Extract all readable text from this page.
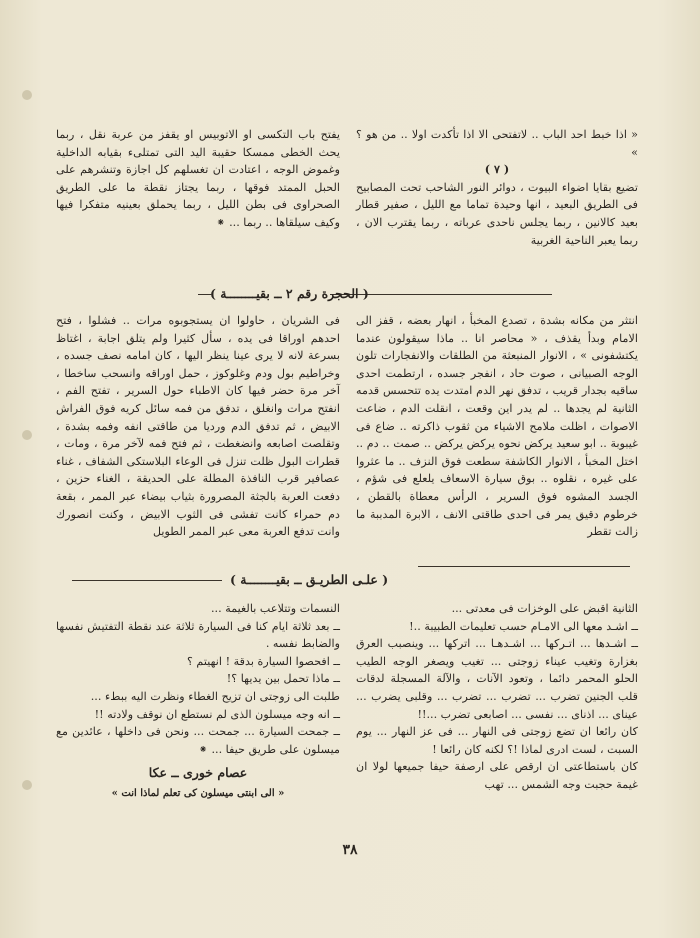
« اذا خبط احد الباب .. لاتفتحى الا اذا تأكدت اولا .. من هو ؟ »

( ٧ )

تضيع بقايا اضواء البيوت ، دوائر النور الشاحب تحت المصابيح فى الطريق البعيد ، انها وحيدة تماما مع الليل ، صفير قطار بعيد كالانين ، ربما يجلس ناحدى عرباته ، ربما يقترب الان ، ربما يعبر الناحية الغربية

يفتح باب التكسى او الاتوبيس او يقفز من عربة نقل ، ربما يحث الخطى ممسكا حقيبة اليد التى تمتلىء بقيابه الداخلية وغموض الوجه ، اعتادت ان تغسلهم كل اجازة وتنشرهم على الحبل الممتد فوقها ، ربما يجتاز نقطة ما على الطريق الصحراوى فى بطن الليل ، ربما يحملق بعينيه متفكرا فيها وكيف سيلقاها .. ربما ... ⁕

( الحجرة رقم ٢ ــ بقيــــــــة )

انتثر من مكانه بشدة ، تصدع المخبأ ، انهار بعضه ، قفز الى الامام وبدأ يقذف ، « محاصر انا .. ماذا سيقولون عندما يكتشفونى » ، الانوار المنبعثة من الطلقات والانفجارات تلون الوجه الصبيانى ، صوت حاد ، انفجر جسده ، ارتطمت احدى ساقيه بجدار قريب ، تدفق نهر الدم امتدت يده تتحسس قدمه الثانية لم يجدها .. لم يدر اين وقعت ، انقلت الدم ، ضاعت الاصوات ، اظلت ملامح الاشياء من ثقوب ذاكرته .. ضاع فى غيبوبة .. ابو سعيد يركض نحوه يركض يركض .. صمت .. دم .. اختل المخبأ ، الانوار الكاشفة سطعت فوق النزف .. ما عثروا على غيره ، نقلوه .. بوق سيارة الاسعاف يلعلع فى شؤم ، الجسد المشوه فوق السرير ، الرأس معطاة بالقطن ، خرطوم دقيق يمر فى احدى طاقتى الانف ، الابرة المدببة ما زالت تقطر

فى الشريان ، حاولوا ان يستجوبوه مرات .. فشلوا ، فتح احدهم اوراقا فى يده ، سأل كثيرا ولم يتلق اجابة ، اغتاظ بسرعة لانه لا يرى عينا ينظر اليها ، كان امامه نصف جسده ، وخراطيم بول ودم وغلوكوز ، حمل اوراقه وانسحب ساخطا ، آخر مرة حضر فيها كان الاطباء حول السرير ، تفتح الفم ، انفتح مرات وانغلق ، تدفق من فمه سائل كريه فوق الفراش الابيض ، ثم تدفق الدم ورديا من طاقتى انفه وفمه بشدة ، وتقلصت اصابعه وانضغطت ، ثم فتح فمه لآخر مرة ، ومات ، قطرات البول ظلت تنزل فى الوعاء البلاستكى الشفاف ، غناء عصافير قرب النافذة المطلة على الحديقة ، الغناء حزين ، دفعت العربة بالجثة المصرورة بثياب بيضاء عبر الممر ، بقعة دم حمراء كانت تفشى فى الثوب الابيض ، وكنت انصورك وانت تدفع العربة معى عبر الممر الطويل

( علـى الطريـق ــ بقيــــــــة )

الثانية اقبض على الوخزات فى معدتى ...

ــ اشـد معها الى الامـام حسب تعليمات الطبيبة ..!

ــ اشـدها ... اتـركها ... اشـدهـا ... اتركها ... وينصبب العرق بغزارة وتغيب عيناء زوجتى ... تغيب ويصغر الوجه الطيب الحلو المحمر دائما ، وتعود الآنات ، والآلة المسجلة لدقات قلب الجنين تضرب ... تضرب ... تضرب ... وقلبى يضرب ... عيناى ... اذناى ... نفسى ... اصابعى تضرب ...!!

كان رائعا ان تضع زوجتى فى النهار ... فى عز النهار ... يوم السبت ، لست ادرى لماذا !؟ لكنه كان رائعا !

كان باستطاعتى ان ارقص على ارصفة حيفا جميعها لولا ان غيمة حجبت وجه الشمس ... تهب

النسمات وتتلاعب بالغيمة ...

ــ بعد ثلاثة ايام كنا فى السيارة ثلاثة عند نقطة التفتيش نفسها والضابط نفسه .

ــ افحصوا السيارة بدقة ! انهيتم ؟

ــ ماذا تحمل بين يديها ؟!

طلبت الى زوجتى ان تزيح الغطاء ونظرت اليه ببطء ...

ــ انه وجه ميسلون الذى لم نستطع ان نوقف ولادته !!

ــ جمحت السيارة ... جمحت ... ونحن فى داخلها ، عائدين مع ميسلون على طريق حيفا ... ⁕

عصام خورى ــ عكا
« الى ابنتى ميسلون كى تعلم لماذا انت »
٣٨
